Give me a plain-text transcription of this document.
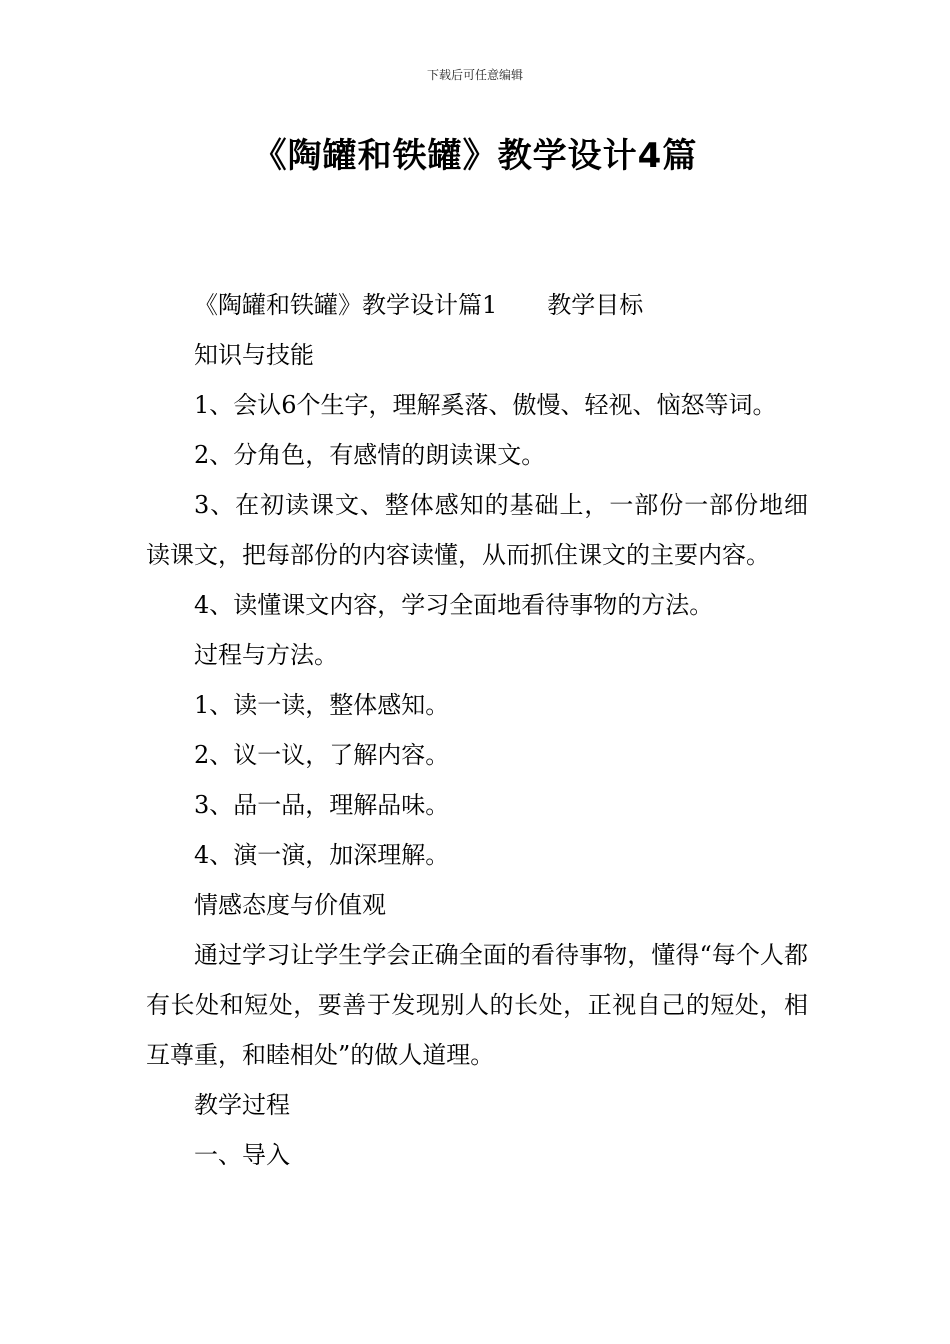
下载后可任意编辑
《陶罐和铁罐》教学设计4篇

《陶罐和铁罐》教学设计篇1 教学目标

知识与技能

1、会认6个生字，理解奚落、傲慢、轻视、恼怒等词。

2、分角色，有感情的朗读课文。

3、在初读课文、整体感知的基础上，一部份一部份地细读课文，把每部份的内容读懂，从而抓住课文的主要内容。

4、读懂课文内容，学习全面地看待事物的方法。

过程与方法。

1、读一读，整体感知。

2、议一议，了解内容。

3、品一品，理解品味。

4、演一演，加深理解。

情感态度与价值观

通过学习让学生学会正确全面的看待事物，懂得“每个人都有长处和短处，要善于发现别人的长处，正视自己的短处，相互尊重，和睦相处”的做人道理。

教学过程

一、导入
